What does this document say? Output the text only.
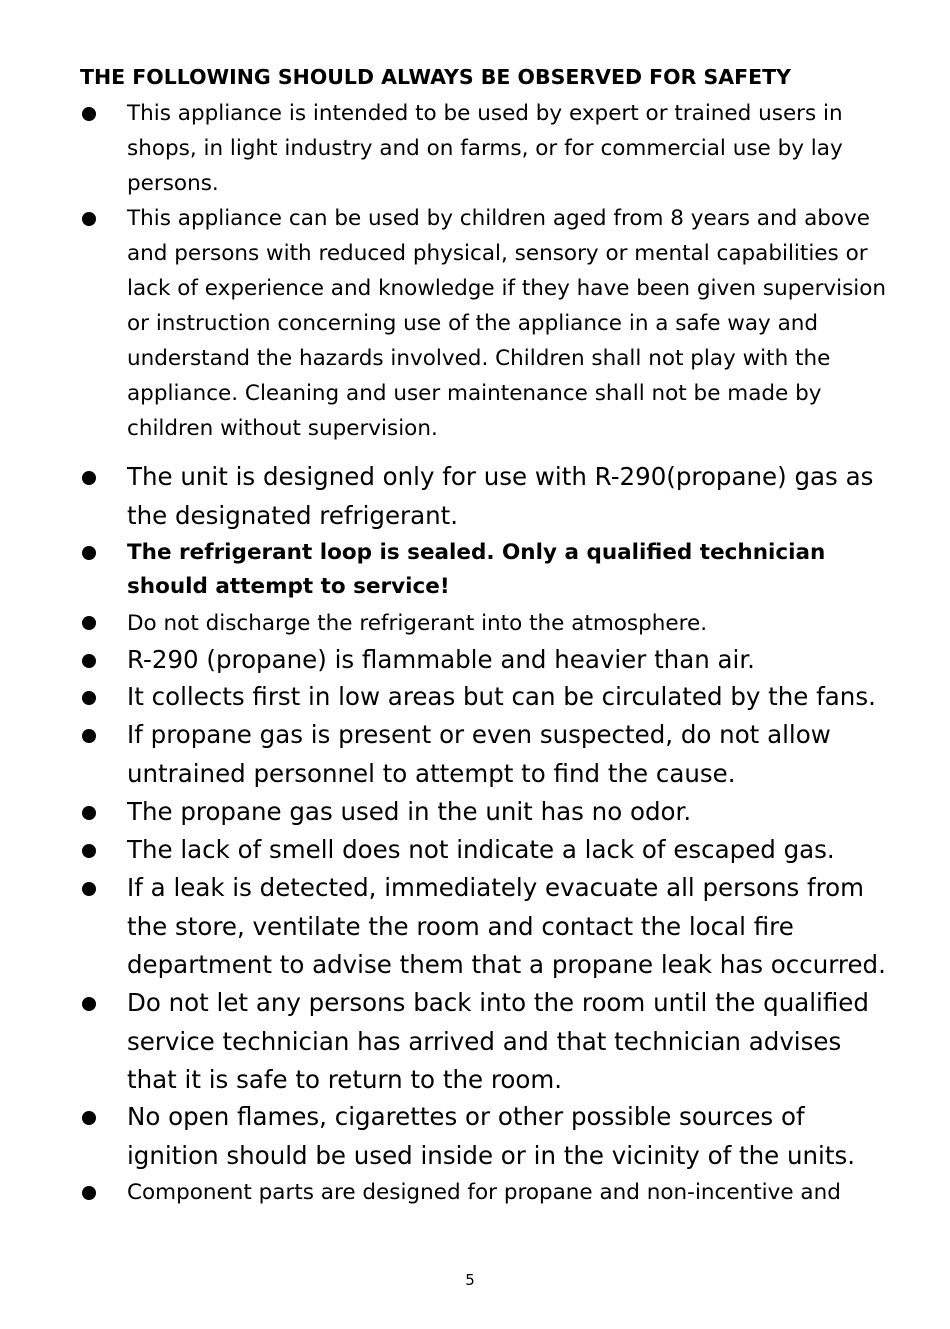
THE FOLLOWING SHOULD ALWAYS BE OBSERVED FOR SAFETY

This appliance is intended to be used by expert or trained users in shops, in light industry and on farms, or for commercial use by lay persons.

This appliance can be used by children aged from 8 years and above and persons with reduced physical, sensory or mental capabilities or lack of experience and knowledge if they have been given supervision or instruction concerning use of the appliance in a safe way and understand the hazards involved. Children shall not play with the appliance. Cleaning and user maintenance shall not be made by children without supervision.

The unit is designed only for use with R-290(propane) gas as the designated refrigerant.

The refrigerant loop is sealed. Only a qualified technician should attempt to service!

Do not discharge the refrigerant into the atmosphere.

R-290 (propane) is flammable and heavier than air.

It collects first in low areas but can be circulated by the fans.

If propane gas is present or even suspected, do not allow untrained personnel to attempt to find the cause.

The propane gas used in the unit has no odor.

The lack of smell does not indicate a lack of escaped gas.

If a leak is detected, immediately evacuate all persons from the store, ventilate the room and contact the local fire department to advise them that a propane leak has occurred.

Do not let any persons back into the room until the qualified service technician has arrived and that technician advises that it is safe to return to the room.

No open flames, cigarettes or other possible sources of ignition should be used inside or in the vicinity of the units.

Component parts are designed for propane and non-incentive and

5
